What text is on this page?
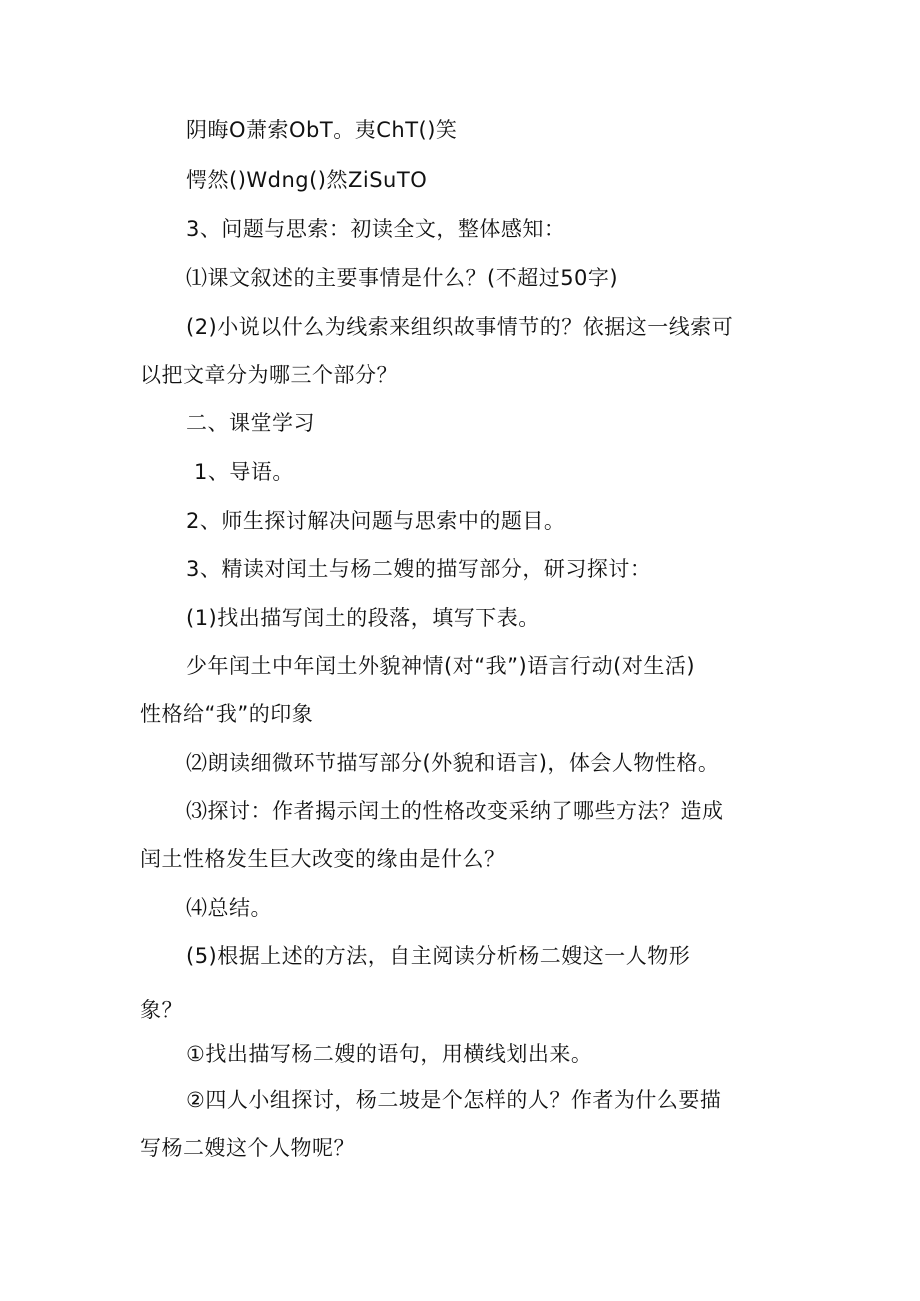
阴晦O萧索ObT。夷ChT()笑
愕然()Wdng()然ZiSuTO
3、问题与思索：初读全文，整体感知：
⑴课文叙述的主要事情是什么？(不超过50字)
(2)小说以什么为线索来组织故事情节的？依据这一线索可
以把文章分为哪三个部分？
二、课堂学习
1、导语。
2、师生探讨解决问题与思索中的题目。
3、精读对闰土与杨二嫂的描写部分，研习探讨：
(1)找出描写闰土的段落，填写下表。
少年闰土中年闰土外貌神情(对“我”)语言行动(对生活)
性格给“我”的印象
⑵朗读细微环节描写部分(外貌和语言)，体会人物性格。
⑶探讨：作者揭示闰土的性格改变采纳了哪些方法？造成
闰土性格发生巨大改变的缘由是什么？
⑷总结。
(5)根据上述的方法，自主阅读分析杨二嫂这一人物形
象？
①找出描写杨二嫂的语句，用横线划出来。
②四人小组探讨，杨二坡是个怎样的人？作者为什么要描
写杨二嫂这个人物呢？
